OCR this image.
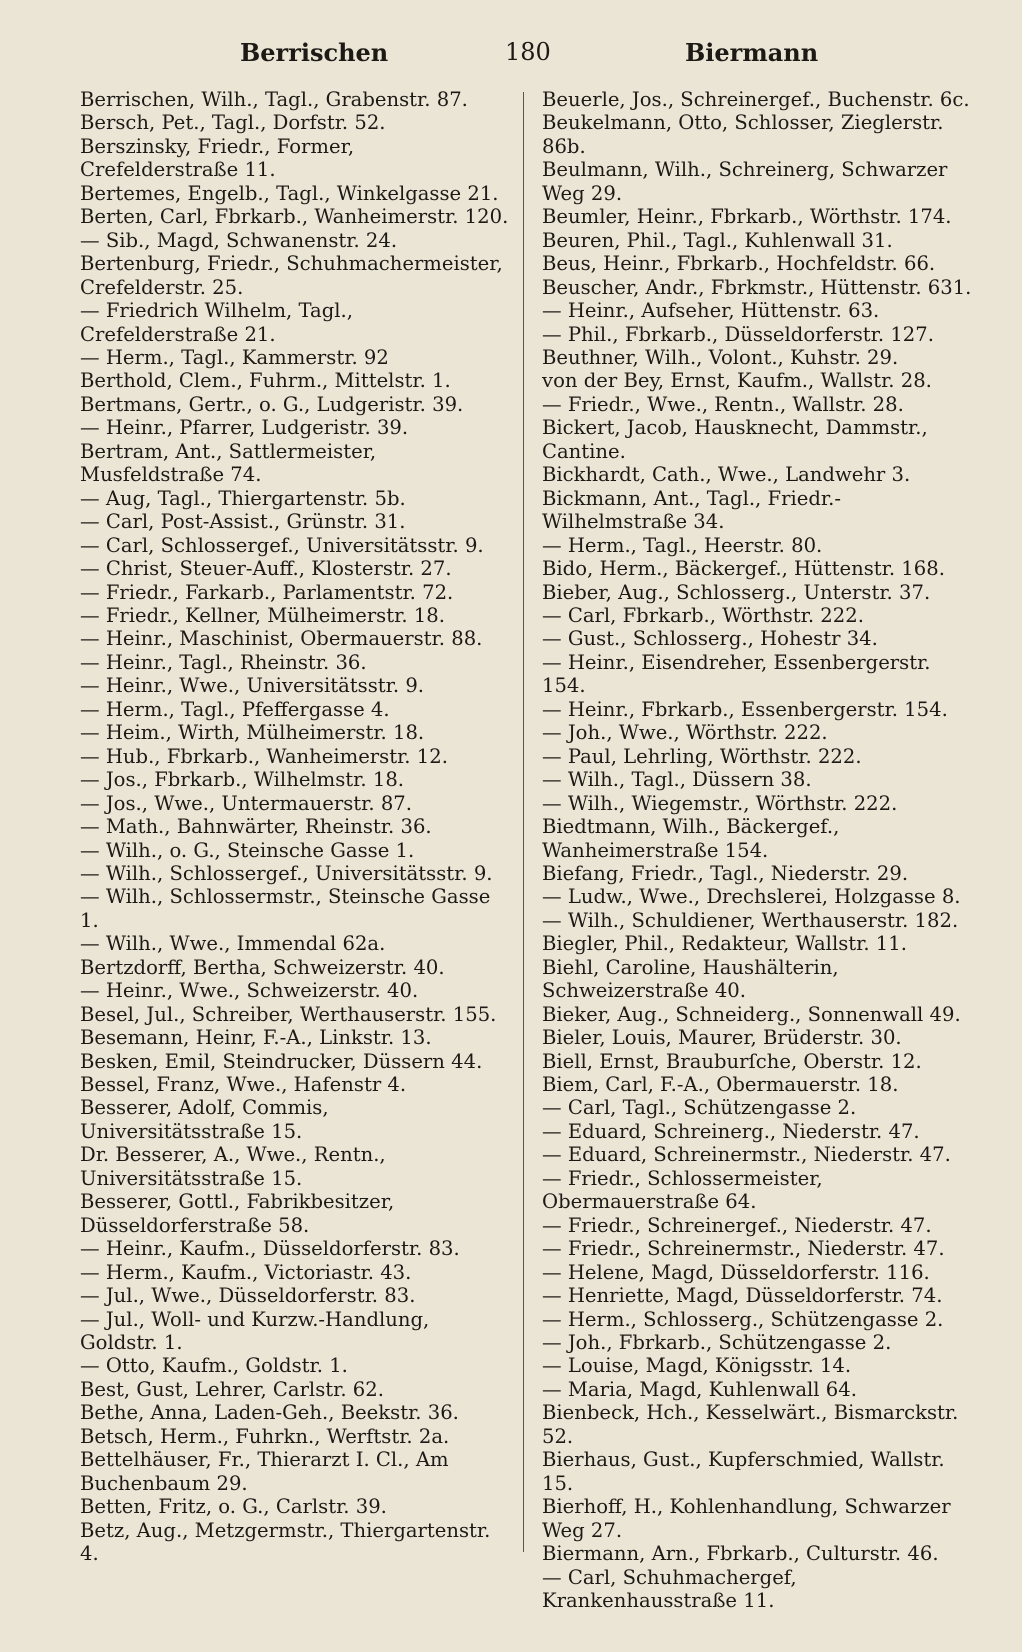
Berrischen	180	Biermann

Berrischen, Wilh., Tagl., Grabenstr. 87.

Bersch, Pet., Tagl., Dorfstr. 52.

Berszinsky, Friedr., Former, Crefelderstraße 11.

Bertemes, Engelb., Tagl., Winkelgasse 21.

Berten, Carl, Fbrkarb., Wanheimerstr. 120.

— Sib., Magd, Schwanenstr. 24.

Bertenburg, Friedr., Schuhmachermeister, Crefelderstr. 25.

— Friedrich Wilhelm, Tagl., Crefelderstraße 21.

— Herm., Tagl., Kammerstr. 92

Berthold, Clem., Fuhrm., Mittelstr. 1.

Bertmans, Gertr., o. G., Ludgeristr. 39.

— Heinr., Pfarrer, Ludgeristr. 39.

Bertram, Ant., Sattlermeister, Musfeldstraße 74.

— Aug, Tagl., Thiergartenstr. 5b.

— Carl, Post-Assist., Grünstr. 31.

— Carl, Schlossergef., Universitätsstr. 9.

— Christ, Steuer-Auff., Klosterstr. 27.

— Friedr., Farkarb., Parlamentstr. 72.

— Friedr., Kellner, Mülheimerstr. 18.

— Heinr., Maschinist, Obermauerstr. 88.

— Heinr., Tagl., Rheinstr. 36.

— Heinr., Wwe., Universitätsstr. 9.

— Herm., Tagl., Pfeffergasse 4.

— Heim., Wirth, Mülheimerstr. 18.

— Hub., Fbrkarb., Wanheimerstr. 12.

— Jos., Fbrkarb., Wilhelmstr. 18.

— Jos., Wwe., Untermauerstr. 87.

— Math., Bahnwärter, Rheinstr. 36.

— Wilh., o. G., Steinsche Gasse 1.

— Wilh., Schlossergef., Universitätsstr. 9.

— Wilh., Schlossermstr., Steinsche Gasse 1.

— Wilh., Wwe., Immendal 62a.

Bertzdorff, Bertha, Schweizerstr. 40.

— Heinr., Wwe., Schweizerstr. 40.

Besel, Jul., Schreiber, Werthauserstr. 155.

Besemann, Heinr, F.-A., Linkstr. 13.

Besken, Emil, Steindrucker, Düssern 44.

Bessel, Franz, Wwe., Hafenstr 4.

Besserer, Adolf, Commis, Universitätsstraße 15.

Dr. Besserer, A., Wwe., Rentn., Universitätsstraße 15.

Besserer, Gottl., Fabrikbesitzer, Düsseldorferstraße 58.

— Heinr., Kaufm., Düsseldorferstr. 83.

— Herm., Kaufm., Victoriastr. 43.

— Jul., Wwe., Düsseldorferstr. 83.

— Jul., Woll- und Kurzw.-Handlung, Goldstr. 1.

— Otto, Kaufm., Goldstr. 1.

Best, Gust, Lehrer, Carlstr. 62.

Bethe, Anna, Laden-Geh., Beekstr. 36.

Betsch, Herm., Fuhrkn., Werftstr. 2a.

Bettelhäuser, Fr., Thierarzt I. Cl., Am Buchenbaum 29.

Betten, Fritz, o. G., Carlstr. 39.

Betz, Aug., Metzgermstr., Thiergartenstr. 4.

Beuerle, Jos., Schreinergef., Buchenstr. 6c.

Beukelmann, Otto, Schlosser, Zieglerstr. 86b.

Beulmann, Wilh., Schreinerg, Schwarzer Weg 29.

Beumler, Heinr., Fbrkarb., Wörthstr. 174.

Beuren, Phil., Tagl., Kuhlenwall 31.

Beus, Heinr., Fbrkarb., Hochfeldstr. 66.

Beuscher, Andr., Fbrkmstr., Hüttenstr. 631.

— Heinr., Aufseher, Hüttenstr. 63.

— Phil., Fbrkarb., Düsseldorferstr. 127.

Beuthner, Wilh., Volont., Kuhstr. 29.

von der Bey, Ernst, Kaufm., Wallstr. 28.

— Friedr., Wwe., Rentn., Wallstr. 28.

Bickert, Jacob, Hausknecht, Dammstr., Cantine.

Bickhardt, Cath., Wwe., Landwehr 3.

Bickmann, Ant., Tagl., Friedr.-Wilhelmstraße 34.

— Herm., Tagl., Heerstr. 80.

Bido, Herm., Bäckergef., Hüttenstr. 168.

Bieber, Aug., Schlosserg., Unterstr. 37.

— Carl, Fbrkarb., Wörthstr. 222.

— Gust., Schlosserg., Hohestr 34.

— Heinr., Eisendreher, Essenbergerstr. 154.

— Heinr., Fbrkarb., Essenbergerstr. 154.

— Joh., Wwe., Wörthstr. 222.

— Paul, Lehrling, Wörthstr. 222.

— Wilh., Tagl., Düssern 38.

— Wilh., Wiegemstr., Wörthstr. 222.

Biedtmann, Wilh., Bäckergef., Wanheimerstraße 154.

Biefang, Friedr., Tagl., Niederstr. 29.

— Ludw., Wwe., Drechslerei, Holzgasse 8.

— Wilh., Schuldiener, Werthauserstr. 182.

Biegler, Phil., Redakteur, Wallstr. 11.

Biehl, Caroline, Haushälterin, Schweizerstraße 40.

Bieker, Aug., Schneiderg., Sonnenwall 49.

Bieler, Louis, Maurer, Brüderstr. 30.

Biell, Ernst, Brauburſche, Oberstr. 12.

Biem, Carl, F.-A., Obermauerstr. 18.

— Carl, Tagl., Schützengasse 2.

— Eduard, Schreinerg., Niederstr. 47.

— Eduard, Schreinermstr., Niederstr. 47.

— Friedr., Schlossermeister, Obermauerstraße 64.

— Friedr., Schreinergef., Niederstr. 47.

— Friedr., Schreinermstr., Niederstr. 47.

— Helene, Magd, Düsseldorferstr. 116.

— Henriette, Magd, Düsseldorferstr. 74.

— Herm., Schlosserg., Schützengasse 2.

— Joh., Fbrkarb., Schützengasse 2.

— Louise, Magd, Königsstr. 14.

— Maria, Magd, Kuhlenwall 64.

Bienbeck, Hch., Kesselwärt., Bismarckstr. 52.

Bierhaus, Gust., Kupferschmied, Wallstr. 15.

Bierhoff, H., Kohlenhandlung, Schwarzer Weg 27.

Biermann, Arn., Fbrkarb., Culturstr. 46.

— Carl, Schuhmachergef, Krankenhausstraße 11.
